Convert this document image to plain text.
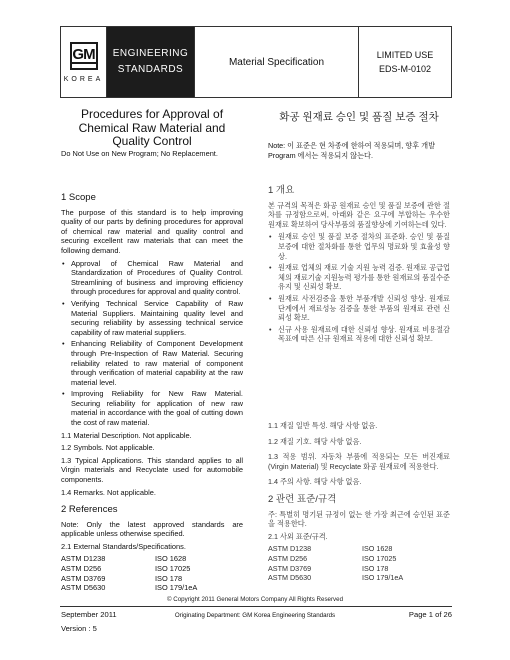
GM
KOREA
ENGINEERING
STANDARDS
Material Specification
LIMITED USE
EDS-M-0102
Procedures for Approval of Chemical Raw Material and Quality Control
화공 원재료 승인 및 품질 보증 절차
Do Not Use on New Program; No Replacement.
Note: 이 표준은 현 차종에 한하여 적용되며, 향후 개발 Program 에서는 적용되지 않는다.
1 Scope

The purpose of this standard is to help improving quality of our parts by defining procedures for approval of chemical raw material and quality control and securing excellent raw materials that can meet the following demand.

• Approval of Chemical Raw Material and Standardization of Procedures of Quality Control. Streamlining of business and improving efficiency through procedures for approval and quality control.
• Verifying Technical Service Capability of Raw Material Suppliers. Maintaining quality level and securing reliability by assessing technical service capability of raw material suppliers.
• Enhancing Reliability of Component Development through Pre-Inspection of Raw Material. Securing reliability related to raw material of component through verification of material capability at the raw material level.
• Improving Reliability for New Raw Material. Securing reliability for application of new raw material in accordance with the goal of cutting down the cost of raw material.

1.1 Material Description. Not applicable.

1.2 Symbols. Not applicable.

1.3 Typical Applications. This standard applies to all Virgin materials and Recyclate used for automobile components.

1.4 Remarks. Not applicable.

2 References

Note: Only the latest approved standards are applicable unless otherwise specified.

2.1 External Standards/Specifications.

ASTM D1238	ISO 1628
ASTM D256	ISO 17025
ASTM D3769	ISO 178
ASTM D5630	ISO 179/1eA
1 개요

본 규격의 목적은 화공 원재료 승인 및 품질 보증에 관한 절차를 규정함으로써, 아래와 같은 요구에 부합하는 우수한 원재료 확보하여 당사부품의 품질향상에 기여하는데 있다.

• 원재료 승인 및 품질 보증 절차의 표준화. 승인 및 품질보증에 대한 절차화를 통한 업무의 명료화 및 효율성 향상.
• 원재료 업체의 재료 기술 지원 능력 검증. 원재료 공급업체의 재료기술 지원능력 평가를 통한 원재료의 품질수준 유지 및 신뢰성 확보.
• 원재료 사전검증을 통한 부품개발 신뢰성 향상. 원재료 단계에서 재료성능 검증을 통한 부품의 원재료 관련 신뢰성 확보.
• 신규 사용 원재료에 대한 신뢰성 향상. 원재료 비용절감 목표에 따른 신규 원재료 적용에 대한 신뢰성 확보.

1.1 재질 일반 특성. 해당 사항 없음.

1.2 재질 기호. 해당 사항 없음.

1.3 적용 범위. 자동차 부품에 적용되는 모든 버진재료 (Virgin Material) 및 Recyclate 화공 원재료에 적용한다.

1.4 주의 사항. 해당 사항 없음.

2 관련 표준/규격

주: 특별히 명기된 규정이 없는 한 가장 최근에 승인된 표준을 적용한다.

2.1 사외 표준/규격.

ASTM D1238	ISO 1628
ASTM D256	ISO 17025
ASTM D3769	ISO 178
ASTM D5630	ISO 179/1eA
© Copyright 2011 General Motors Company All Rights Reserved
September 2011	Originating Department: GM Korea Engineering Standards	Page 1 of 26
Version : 5
